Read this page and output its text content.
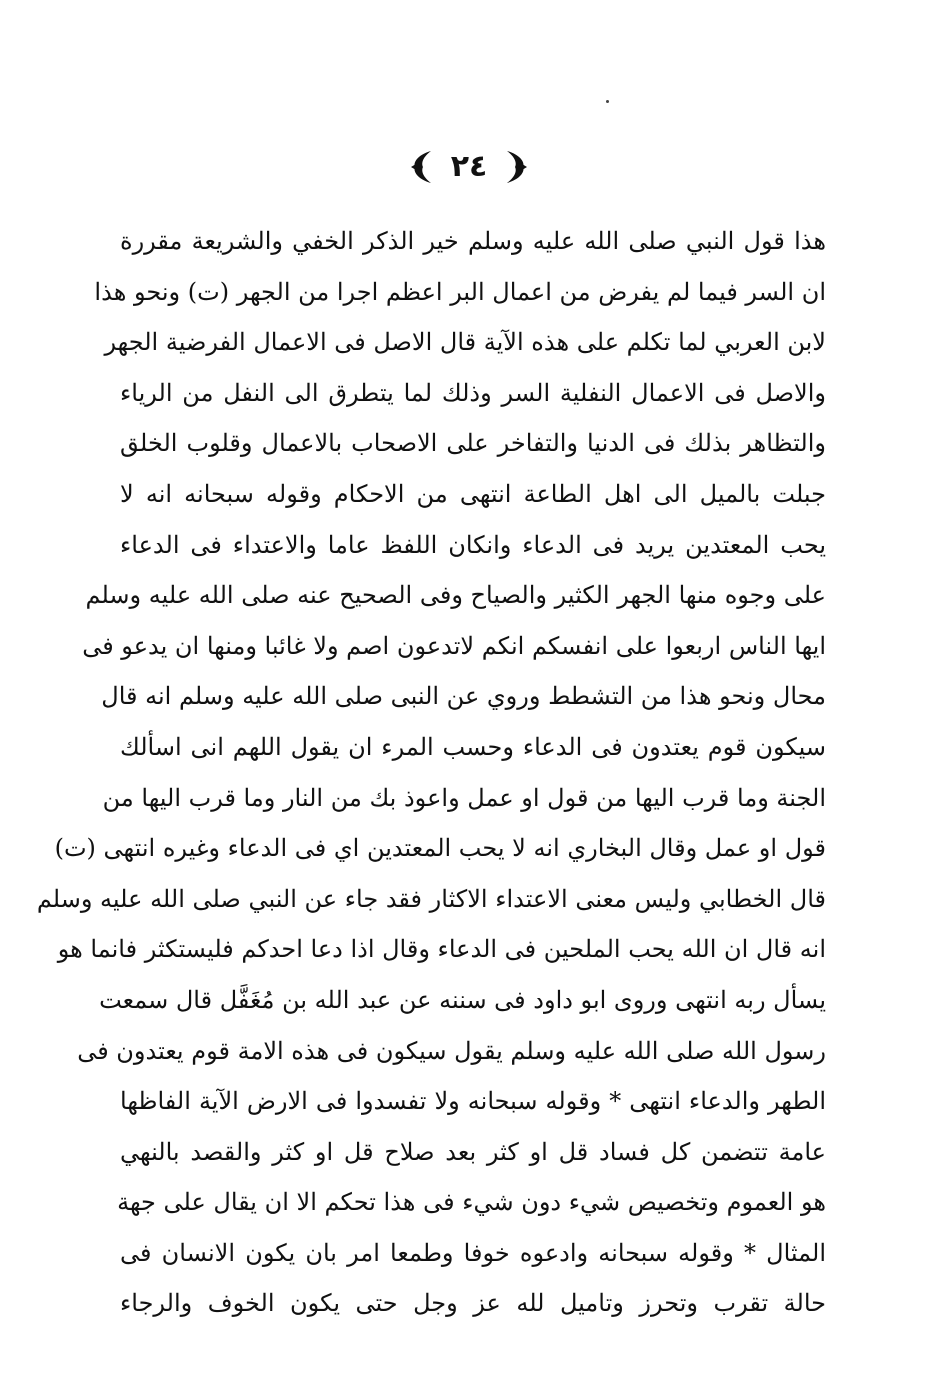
٢٤
هذا قول النبي صلى الله عليه وسلم خير الذكر الخفي والشريعة مقررة
ان السر فيما لم يفرض من اعمال البر اعظم اجرا من الجهر (ت) ونحو هذا
لابن العربي لما تكلم على هذه الآية قال الاصل فى الاعمال الفرضية الجهر
والاصل فى الاعمال النفلية السر وذلك لما يتطرق الى النفل من الرياء
والتظاهر بذلك فى الدنيا والتفاخر على الاصحاب بالاعمال وقلوب الخلق
جبلت بالميل الى اهل الطاعة انتهى من الاحكام وقوله سبحانه انه لا
يحب المعتدين يريد فى الدعاء وانكان اللفظ عاما والاعتداء فى الدعاء
على وجوه منها الجهر الكثير والصياح وفى الصحيح عنه صلى الله عليه وسلم
ايها الناس اربعوا على انفسكم انكم لاتدعون اصم ولا غائبا ومنها ان يدعو فى
محال ونحو هذا من التشطط وروي عن النبى صلى الله عليه وسلم انه قال
سيكون قوم يعتدون فى الدعاء وحسب المرء ان يقول اللهم انى اسألك
الجنة وما قرب اليها من قول او عمل واعوذ بك من النار وما قرب اليها من
قول او عمل وقال البخاري انه لا يحب المعتدين اي فى الدعاء وغيره انتهى (ت)
قال الخطابي وليس معنى الاعتداء الاكثار فقد جاء عن النبي صلى الله عليه وسلم
انه قال ان الله يحب الملحين فى الدعاء وقال اذا دعا احدكم فليستكثر فانما هو
يسأل ربه انتهى وروى ابو داود فى سننه عن عبد الله بن مُغَفَّل قال سمعت
رسول الله صلى الله عليه وسلم يقول سيكون فى هذه الامة قوم يعتدون فى
الطهر والدعاء انتهى * وقوله سبحانه ولا تفسدوا فى الارض الآية الفاظها
عامة تتضمن كل فساد قل او كثر بعد صلاح قل او كثر والقصد بالنهي
هو العموم وتخصيص شيء دون شيء فى هذا تحكم الا ان يقال على جهة
المثال * وقوله سبحانه وادعوه خوفا وطمعا امر بان يكون الانسان فى
حالة تقرب وتحرز وتاميل لله عز وجل حتى يكون الخوف والرجاء
